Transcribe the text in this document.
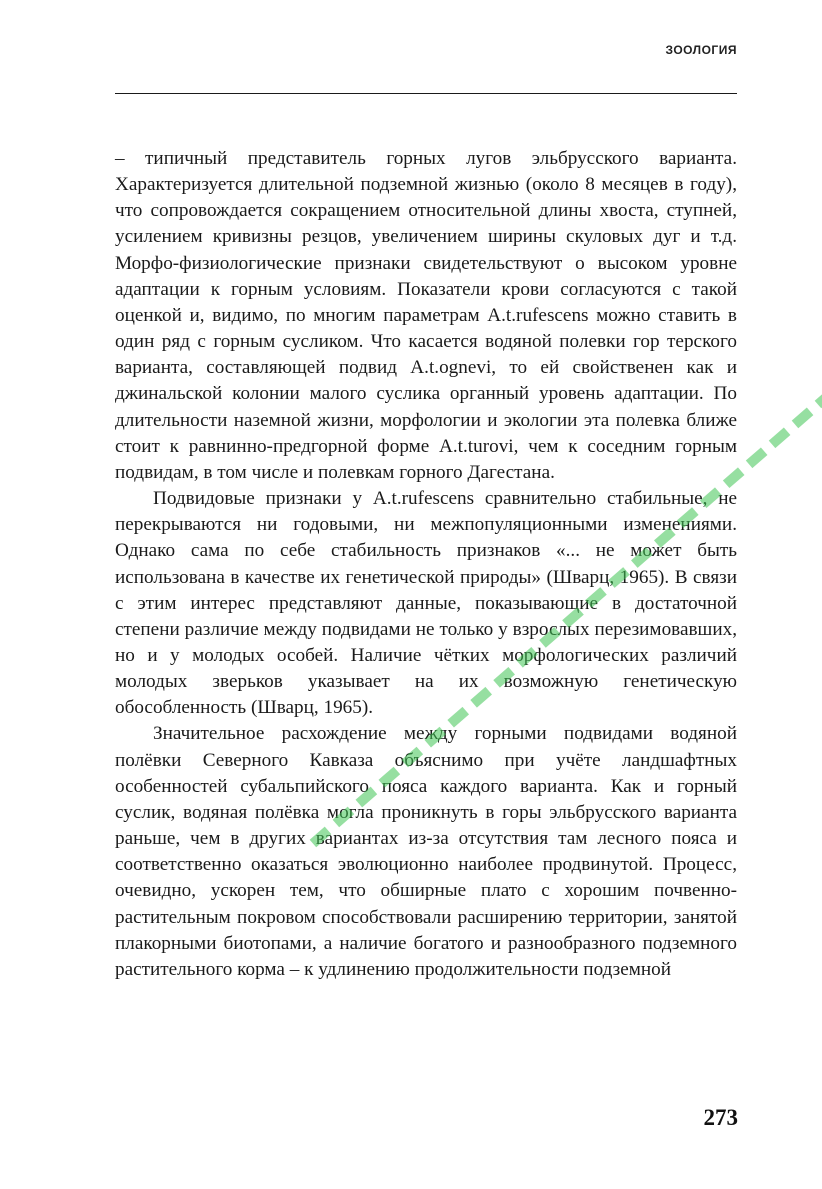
ЗООЛОГИЯ

– типичный представитель горных лугов эльбрусского варианта. Характеризуется длительной подземной жизнью (около 8 месяцев в году), что сопровождается сокращением относительной длины хвоста, ступней, усилением кривизны резцов, увеличением ширины скуловых дуг и т.д. Морфо-физиологические признаки свидетельствуют о высоком уровне адаптации к горным условиям. Показатели крови согласуются с такой оценкой и, видимо, по многим параметрам A.t.rufescens можно ставить в один ряд с горным сусликом. Что касается водяной полевки гор терского варианта, составляющей подвид A.t.ognevi, то ей свойственен как и джинальской колонии малого суслика органный уровень адаптации. По длительности наземной жизни, морфологии и экологии эта полевка ближе стоит к равнинно-предгорной форме A.t.turovi, чем к соседним горным подвидам, в том числе и полевкам горного Дагестана.

Подвидовые признаки у A.t.rufescens сравнительно стабильные, не перекрываются ни годовыми, ни межпопуляционными изменениями. Однако сама по себе стабильность признаков «... не может быть использована в качестве их генетической природы» (Шварц, 1965). В связи с этим интерес представляют данные, показывающие в достаточной степени различие между подвидами не только у взрослых перезимовавших, но и у молодых особей. Наличие чётких морфологических различий молодых зверьков указывает на их возможную генетическую обособленность (Шварц, 1965).

Значительное расхождение между горными подвидами водяной полёвки Северного Кавказа объяснимо при учёте ландшафтных особенностей субальпийского пояса каждого варианта. Как и горный суслик, водяная полёвка могла проникнуть в горы эльбрусского варианта раньше, чем в других вариантах из-за отсутствия там лесного пояса и соответственно оказаться эволюционно наиболее продвинутой. Процесс, очевидно, ускорен тем, что обширные плато с хорошим почвенно-растительным покровом способствовали расширению территории, занятой плакорными биотопами, а наличие богатого и разнообразного подземного растительного корма – к удлинению продолжительности подземной

273
